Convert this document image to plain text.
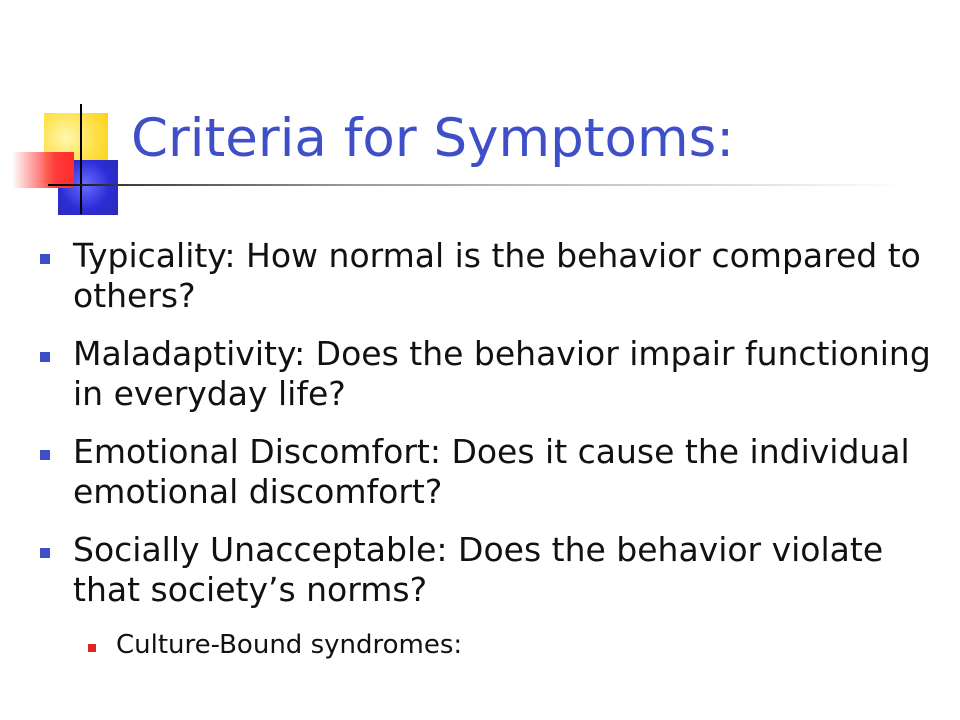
Criteria for Symptoms:
Typicality: How normal is the behavior compared to others?
Maladaptivity: Does the behavior impair functioning in everyday life?
Emotional Discomfort: Does it cause the individual emotional discomfort?
Socially Unacceptable: Does the behavior violate that society’s norms?
Culture-Bound syndromes:
